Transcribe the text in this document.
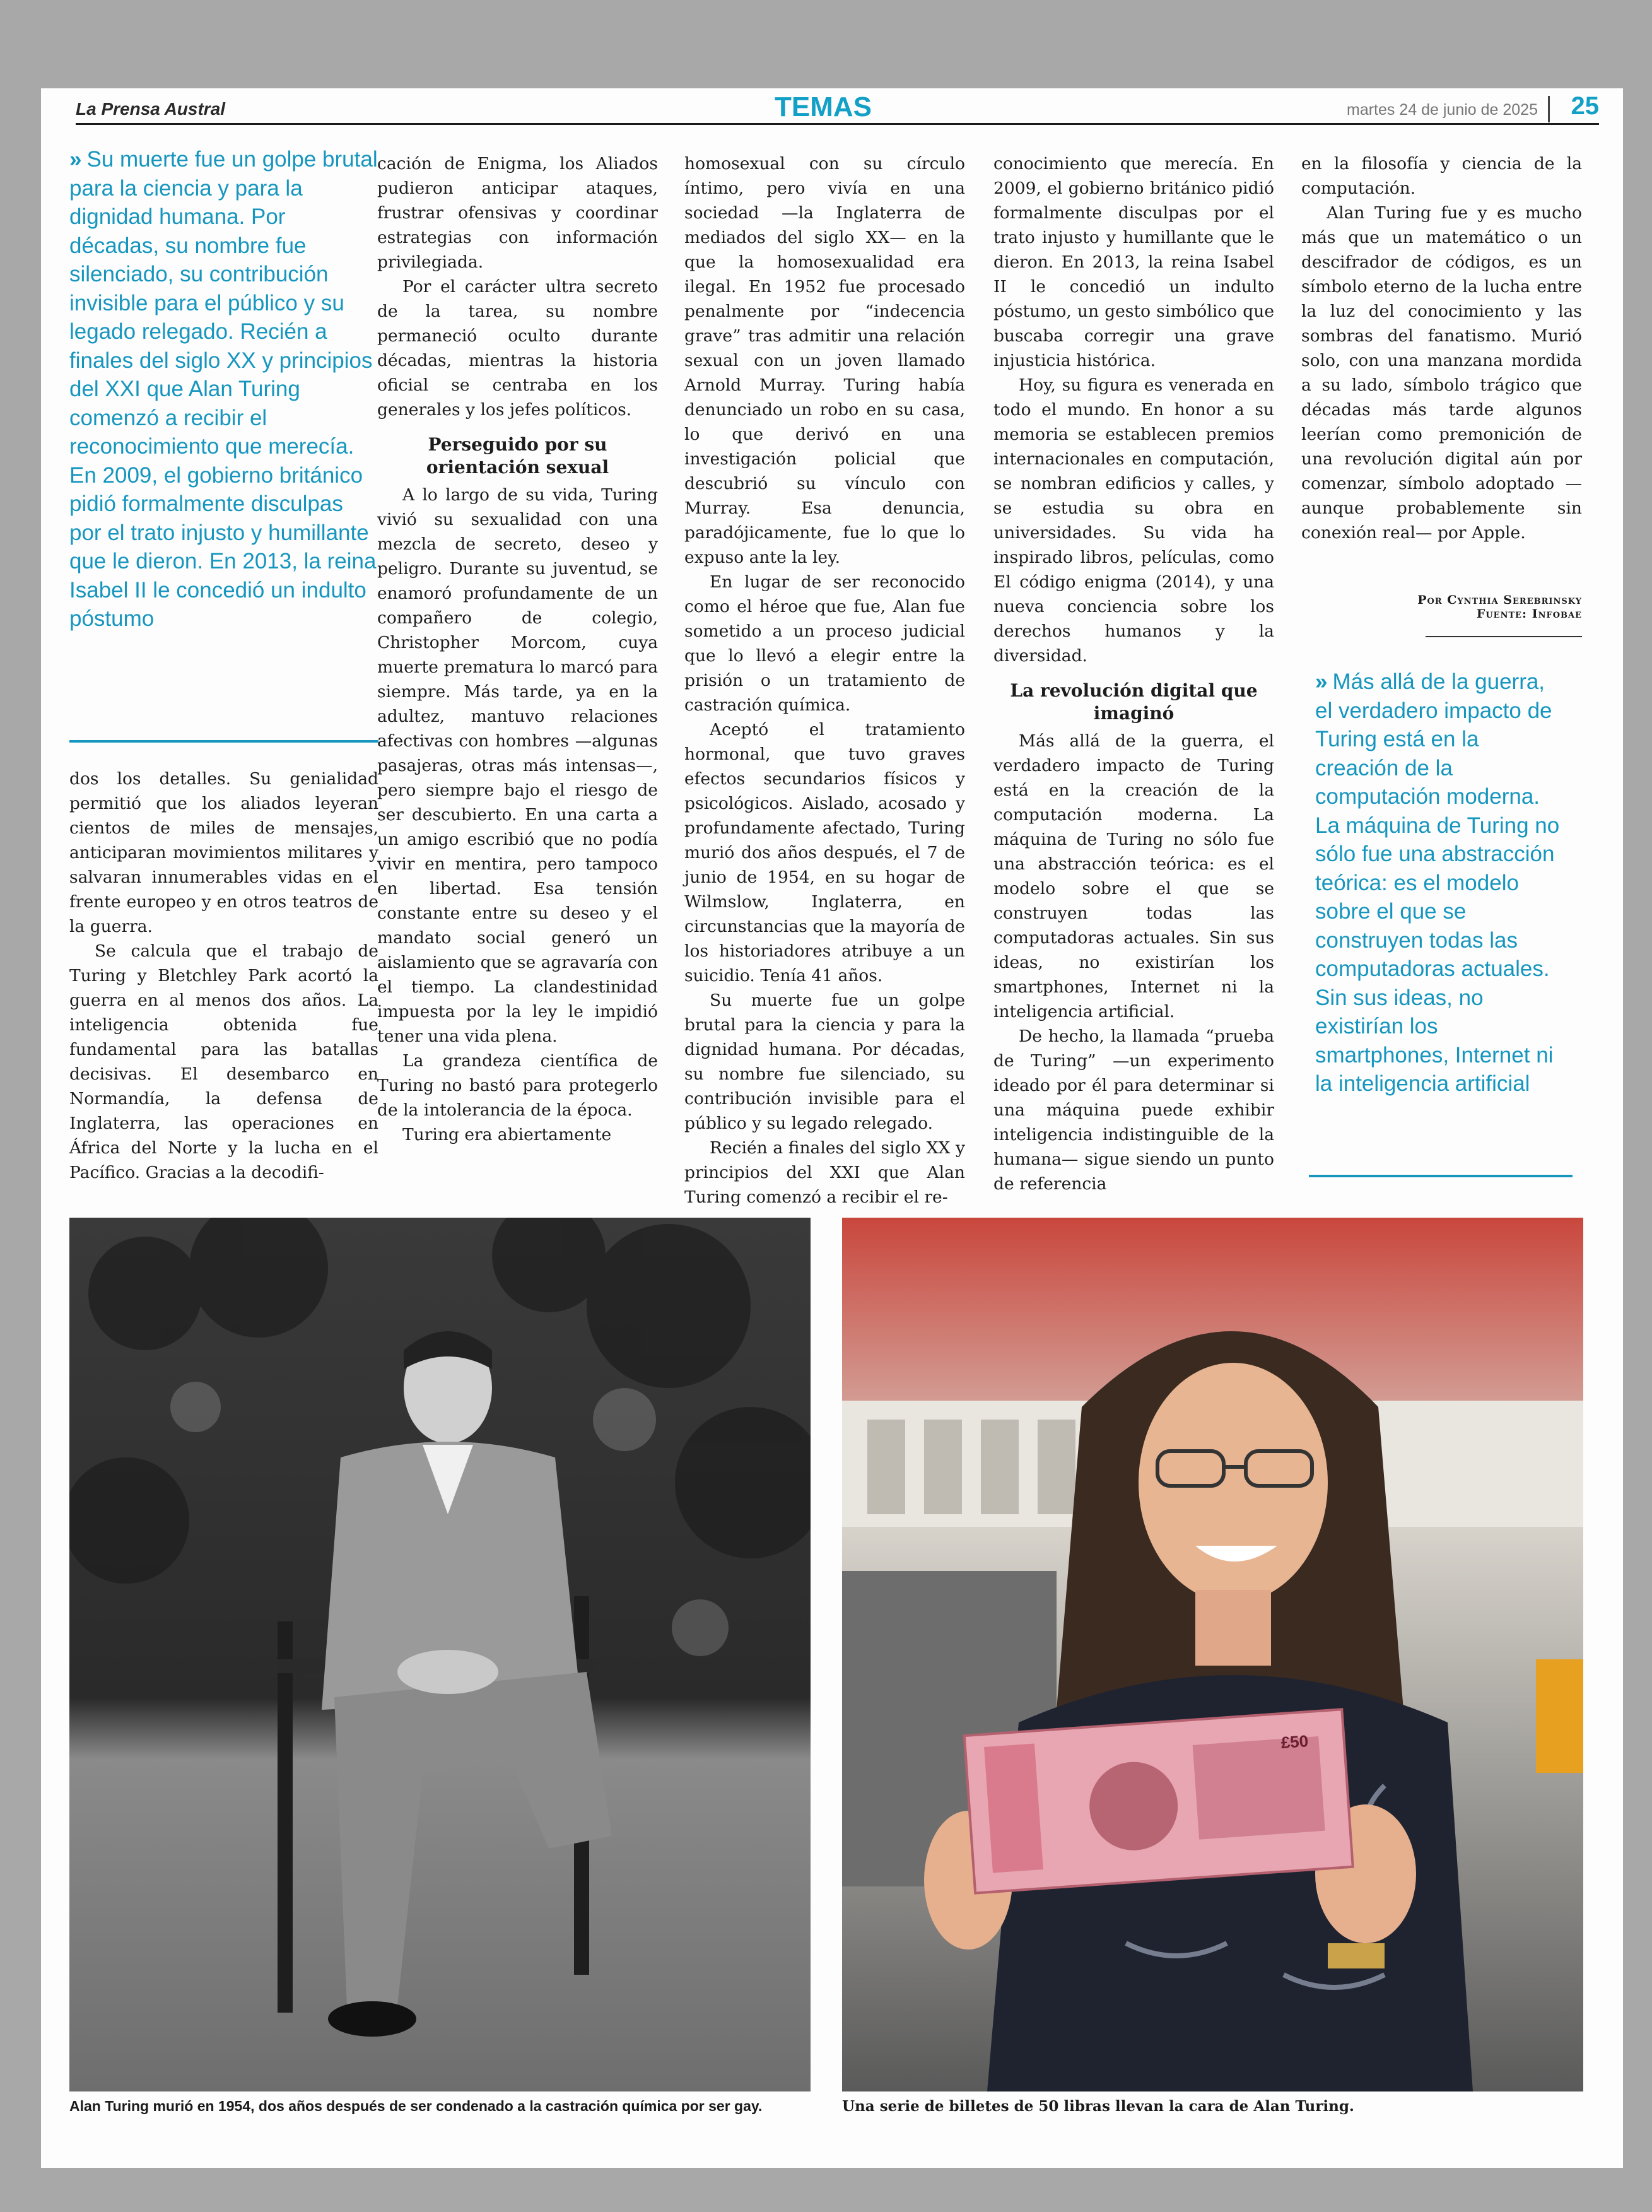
La Prensa Austral	TEMAS	martes 24 de junio de 2025 25
» Su muerte fue un golpe brutal para la ciencia y para la dignidad humana. Por décadas, su nombre fue silenciado, su contribución invisible para el público y su legado relegado. Recién a finales del siglo XX y principios del XXI que Alan Turing comenzó a recibir el reconocimiento que merecía. En 2009, el gobierno británico pidió formalmente disculpas por el trato injusto y humillante que le dieron. En 2013, la reina Isabel II le concedió un indulto póstumo

dos los detalles. Su genialidad permitió que los aliados leyeran cientos de miles de mensajes, anticiparan movimientos militares y salvaran innumerables vidas en el frente europeo y en otros teatros de la guerra.

Se calcula que el trabajo de Turing y Bletchley Park acortó la guerra en al menos dos años. La inteligencia obtenida fue fundamental para las batallas decisivas. El desembarco en Normandía, la defensa de Inglaterra, las operaciones en África del Norte y la lucha en el Pacífico. Gracias a la decodifi-

cación de Enigma, los Aliados pudieron anticipar ataques, frustrar ofensivas y coordinar estrategias con información privilegiada.

Por el carácter ultra secreto de la tarea, su nombre permaneció oculto durante décadas, mientras la historia oficial se centraba en los generales y los jefes políticos.

Perseguido por su orientación sexual

A lo largo de su vida, Turing vivió su sexualidad con una mezcla de secreto, deseo y peligro. Durante su juventud, se enamoró profundamente de un compañero de colegio, Christopher Morcom, cuya muerte prematura lo marcó para siempre. Más tarde, ya en la adultez, mantuvo relaciones afectivas con hombres —algunas pasajeras, otras más intensas—, pero siempre bajo el riesgo de ser descubierto. En una carta a un amigo escribió que no podía vivir en mentira, pero tampoco en libertad. Esa tensión constante entre su deseo y el mandato social generó un aislamiento que se agravaría con el tiempo. La clandestinidad impuesta por la ley le impidió tener una vida plena.

La grandeza científica de Turing no bastó para protegerlo de la intolerancia de la época.

Turing era abiertamente

homosexual con su círculo íntimo, pero vivía en una sociedad —la Inglaterra de mediados del siglo XX— en la que la homosexualidad era ilegal. En 1952 fue procesado penalmente por “indecencia grave” tras admitir una relación sexual con un joven llamado Arnold Murray. Turing había denunciado un robo en su casa, lo que derivó en una investigación policial que descubrió su vínculo con Murray. Esa denuncia, paradójicamente, fue lo que lo expuso ante la ley.

En lugar de ser reconocido como el héroe que fue, Alan fue sometido a un proceso judicial que lo llevó a elegir entre la prisión o un tratamiento de castración química.

Aceptó el tratamiento hormonal, que tuvo graves efectos secundarios físicos y psicológicos. Aislado, acosado y profundamente afectado, Turing murió dos años después, el 7 de junio de 1954, en su hogar de Wilmslow, Inglaterra, en circunstancias que la mayoría de los historiadores atribuye a un suicidio. Tenía 41 años.

Su muerte fue un golpe brutal para la ciencia y para la dignidad humana. Por décadas, su nombre fue silenciado, su contribución invisible para el público y su legado relegado.

Recién a finales del siglo XX y principios del XXI que Alan Turing comenzó a recibir el re-

conocimiento que merecía. En 2009, el gobierno británico pidió formalmente disculpas por el trato injusto y humillante que le dieron. En 2013, la reina Isabel II le concedió un indulto póstumo, un gesto simbólico que buscaba corregir una grave injusticia histórica.

Hoy, su figura es venerada en todo el mundo. En honor a su memoria se establecen premios internacionales en computación, se nombran edificios y calles, y se estudia su obra en universidades. Su vida ha inspirado libros, películas, como El código enigma (2014), y una nueva conciencia sobre los derechos humanos y la diversidad.

La revolución digital que imaginó

Más allá de la guerra, el verdadero impacto de Turing está en la creación de la computación moderna. La máquina de Turing no sólo fue una abstracción teórica: es el modelo sobre el que se construyen todas las computadoras actuales. Sin sus ideas, no existirían los smartphones, Internet ni la inteligencia artificial.

De hecho, la llamada “prueba de Turing” —un experimento ideado por él para determinar si una máquina puede exhibir inteligencia indistinguible de la humana— sigue siendo un punto de referencia

en la filosofía y ciencia de la computación.

Alan Turing fue y es mucho más que un matemático o un descifrador de códigos, es un símbolo eterno de la lucha entre la luz del conocimiento y las sombras del fanatismo. Murió solo, con una manzana mordida a su lado, símbolo trágico que décadas más tarde algunos leerían como premonición de una revolución digital aún por comenzar, símbolo adoptado —aunque probablemente sin conexión real— por Apple.

Por Cynthia Serebrinsky
Fuente: Infobae
» Más allá de la guerra, el verdadero impacto de Turing está en la creación de la computación moderna. La máquina de Turing no sólo fue una abstracción teórica: es el modelo sobre el que se construyen todas las computadoras actuales. Sin sus ideas, no existirían los smartphones, Internet ni la inteligencia artificial
Alan Turing murió en 1954, dos años después de ser condenado a la castración química por ser gay.
£50
Una serie de billetes de 50 libras llevan la cara de Alan Turing.
